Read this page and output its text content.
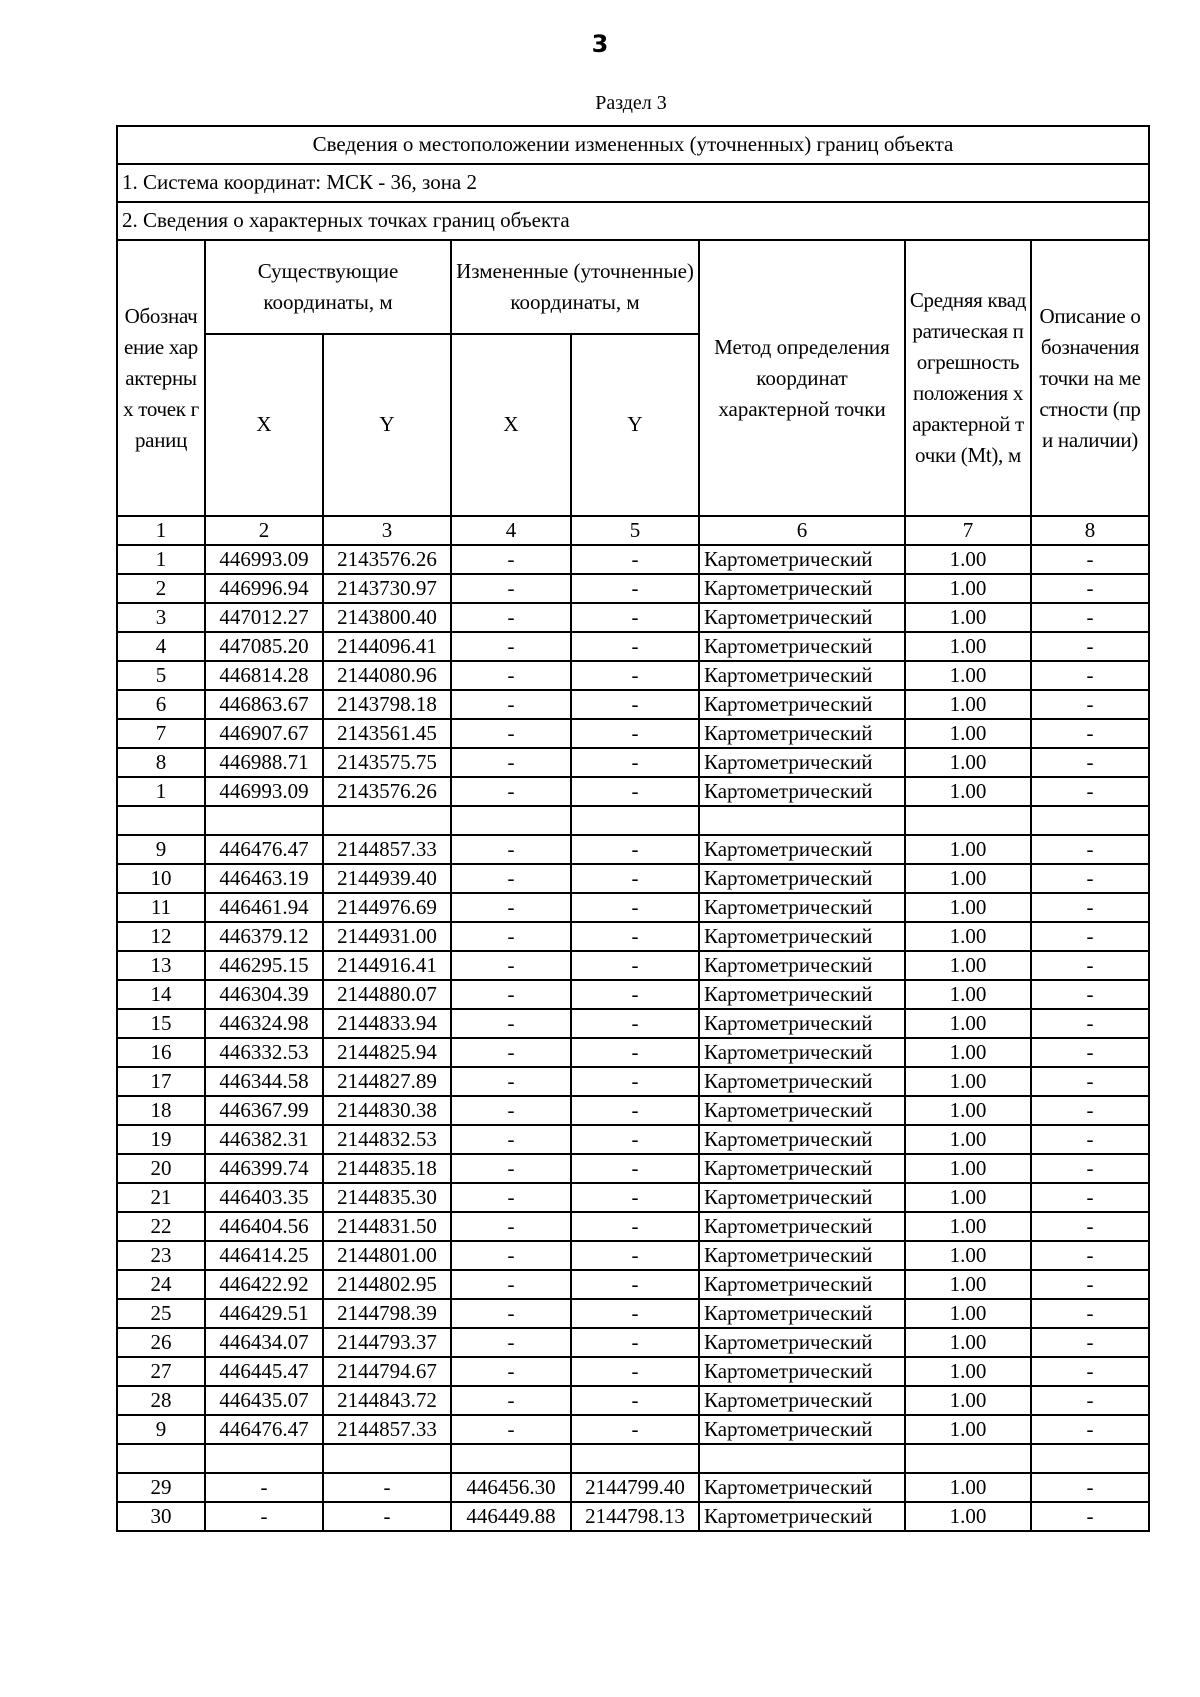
3
Раздел 3
Сведения о местоположении измененных (уточненных) границ объекта							
1. Система координат: МСК - 36, зона 2							
2. Сведения о характерных точках границ объекта							
Обозначение характерных точек границ	Существующие координаты, м		Измененные (уточненные) координаты, м		Метод определения координат характерной точки	Средняя квадратическая погрешность положения характерной точки (Mt), м	Описание обозначения точки на местности (при наличии)
	X	Y	X	Y			
1	2	3	4	5	6	7	8
1	446993.09	2143576.26	-	-	Картометрический	1.00	-
2	446996.94	2143730.97	-	-	Картометрический	1.00	-
3	447012.27	2143800.40	-	-	Картометрический	1.00	-
4	447085.20	2144096.41	-	-	Картометрический	1.00	-
5	446814.28	2144080.96	-	-	Картометрический	1.00	-
6	446863.67	2143798.18	-	-	Картометрический	1.00	-
7	446907.67	2143561.45	-	-	Картометрический	1.00	-
8	446988.71	2143575.75	-	-	Картометрический	1.00	-
1	446993.09	2143576.26	-	-	Картометрический	1.00	-

9	446476.47	2144857.33	-	-	Картометрический	1.00	-
10	446463.19	2144939.40	-	-	Картометрический	1.00	-
11	446461.94	2144976.69	-	-	Картометрический	1.00	-
12	446379.12	2144931.00	-	-	Картометрический	1.00	-
13	446295.15	2144916.41	-	-	Картометрический	1.00	-
14	446304.39	2144880.07	-	-	Картометрический	1.00	-
15	446324.98	2144833.94	-	-	Картометрический	1.00	-
16	446332.53	2144825.94	-	-	Картометрический	1.00	-
17	446344.58	2144827.89	-	-	Картометрический	1.00	-
18	446367.99	2144830.38	-	-	Картометрический	1.00	-
19	446382.31	2144832.53	-	-	Картометрический	1.00	-
20	446399.74	2144835.18	-	-	Картометрический	1.00	-
21	446403.35	2144835.30	-	-	Картометрический	1.00	-
22	446404.56	2144831.50	-	-	Картометрический	1.00	-
23	446414.25	2144801.00	-	-	Картометрический	1.00	-
24	446422.92	2144802.95	-	-	Картометрический	1.00	-
25	446429.51	2144798.39	-	-	Картометрический	1.00	-
26	446434.07	2144793.37	-	-	Картометрический	1.00	-
27	446445.47	2144794.67	-	-	Картометрический	1.00	-
28	446435.07	2144843.72	-	-	Картометрический	1.00	-
9	446476.47	2144857.33	-	-	Картометрический	1.00	-

29	-	-	446456.30	2144799.40	Картометрический	1.00	-
30	-	-	446449.88	2144798.13	Картометрический	1.00	-
